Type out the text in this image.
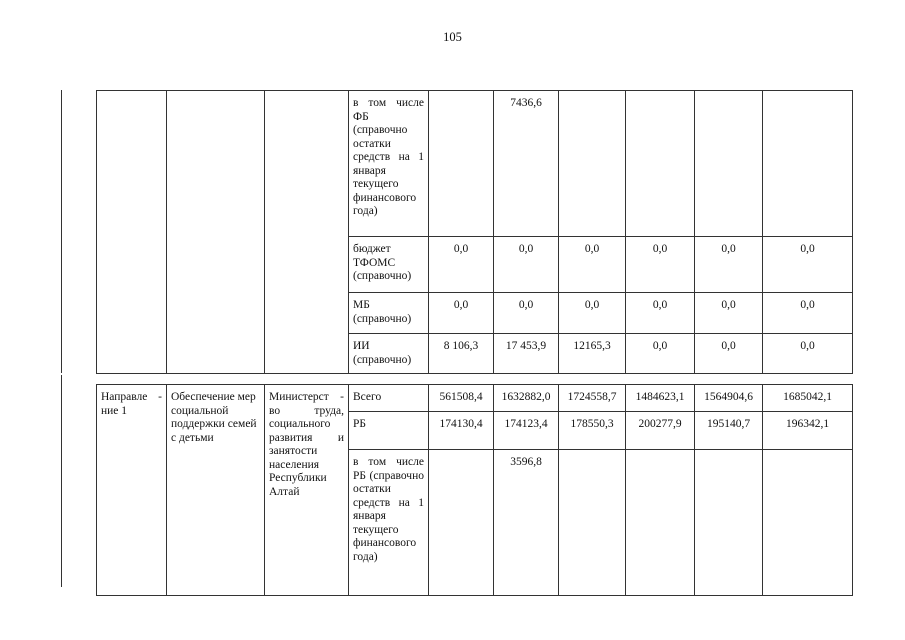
105
			в том числе ФБ (справочно остатки средств на 1 января текущего финансового года)		7436,6				
			бюджет ТФОМС (справочно)	0,0	0,0	0,0	0,0	0,0	0,0
			МБ (справочно)	0,0	0,0	0,0	0,0	0,0	0,0
			ИИ (справочно)	8 106,3	17 453,9	12165,3	0,0	0,0	0,0

Направле - ние 1	Обеспечение мер социальной поддержки семей с детьми	Министерст - во труда, социального развития и занятости населения Республики Алтай	Всего	561508,4	1632882,0	1724558,7	1484623,1	1564904,6	1685042,1
			РБ	174130,4	174123,4	178550,3	200277,9	195140,7	196342,1
			в том числе РБ (справочно остатки средств на 1 января текущего финансового года)		3596,8				
